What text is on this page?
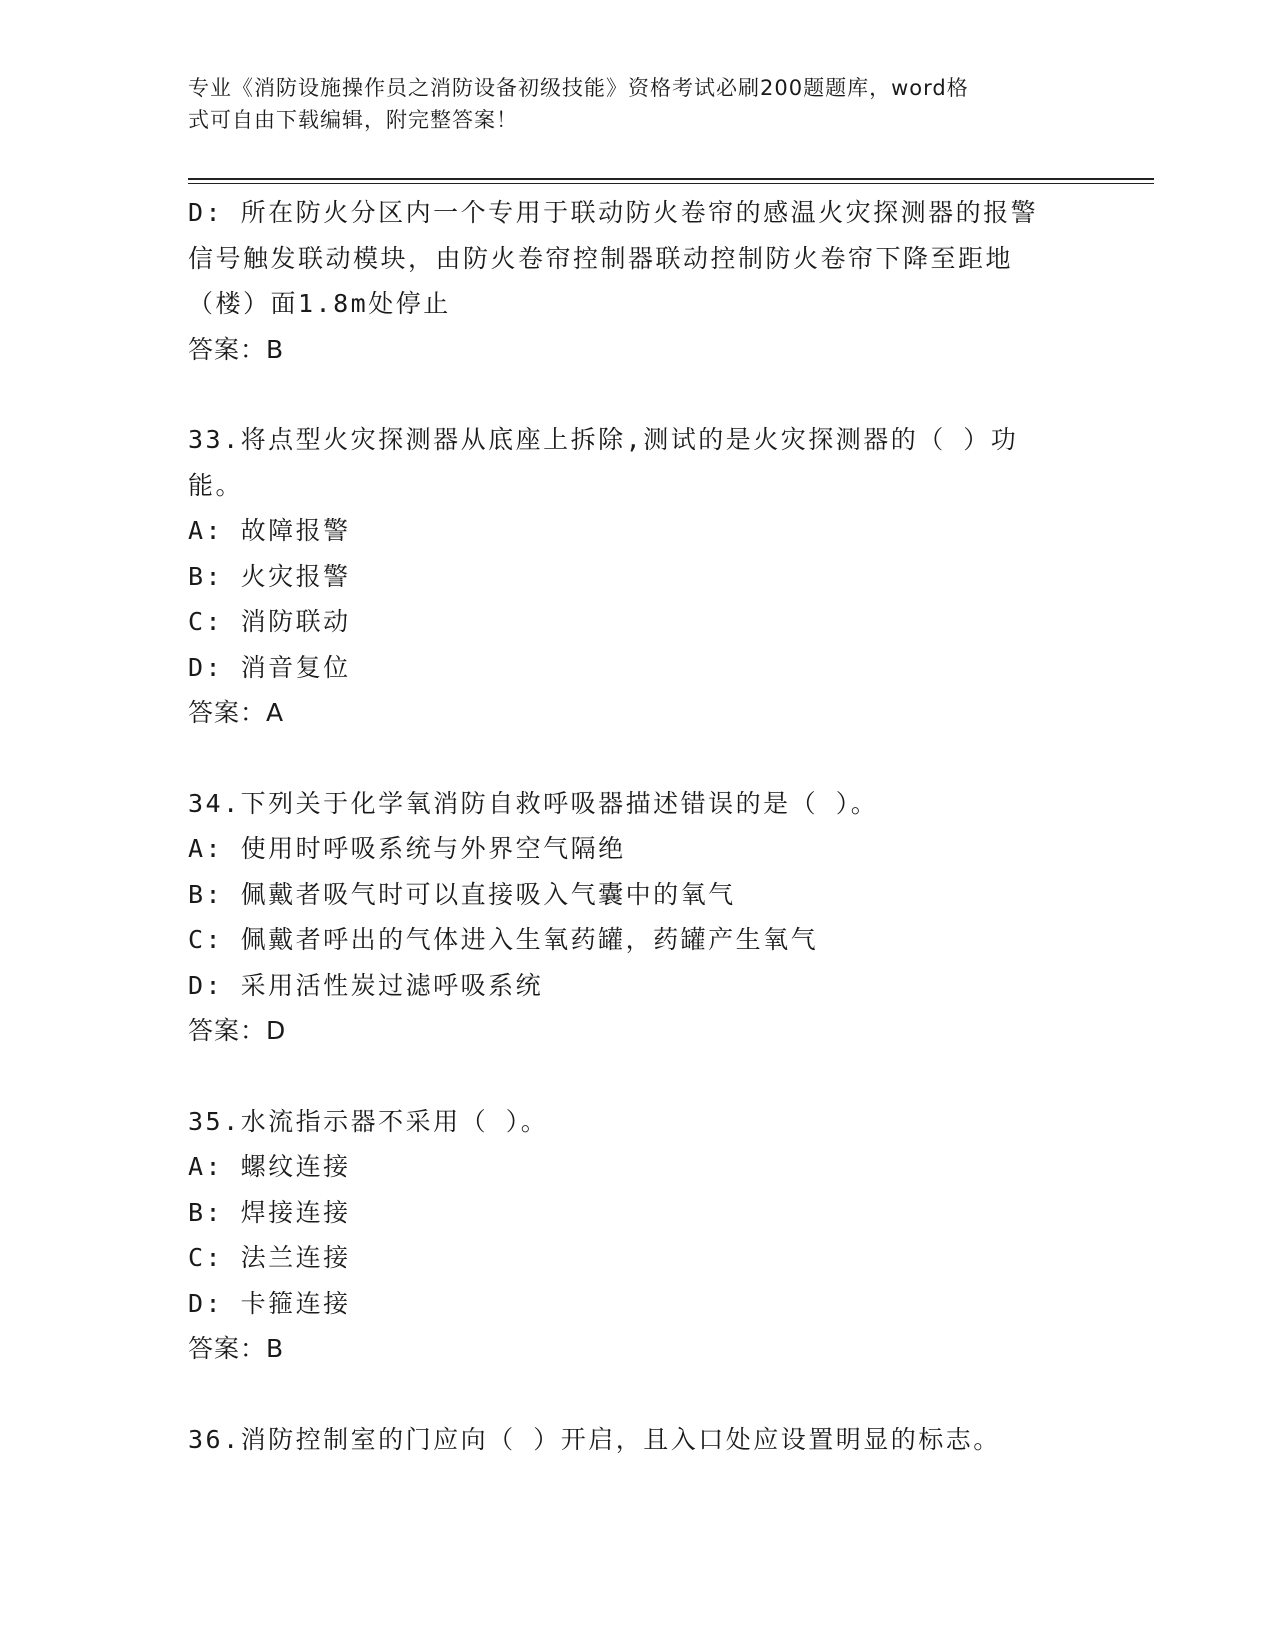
专业《消防设施操作员之消防设备初级技能》资格考试必刷200题题库，word格
式可自由下载编辑，附完整答案！
D: 所在防火分区内一个专用于联动防火卷帘的感温火灾探测器的报警
信号触发联动模块，由防火卷帘控制器联动控制防火卷帘下降至距地
（楼）面1.8m处停止
答案：B
33.将点型火灾探测器从底座上拆除,测试的是火灾探测器的（ ）功
能。
A: 故障报警
B: 火灾报警
C: 消防联动
D: 消音复位
答案：A
34.下列关于化学氧消防自救呼吸器描述错误的是（ ）。
A: 使用时呼吸系统与外界空气隔绝
B: 佩戴者吸气时可以直接吸入气囊中的氧气
C: 佩戴者呼出的气体进入生氧药罐，药罐产生氧气
D: 采用活性炭过滤呼吸系统
答案：D
35.水流指示器不采用（ ）。
A: 螺纹连接
B: 焊接连接
C: 法兰连接
D: 卡箍连接
答案：B
36.消防控制室的门应向（ ）开启，且入口处应设置明显的标志。
